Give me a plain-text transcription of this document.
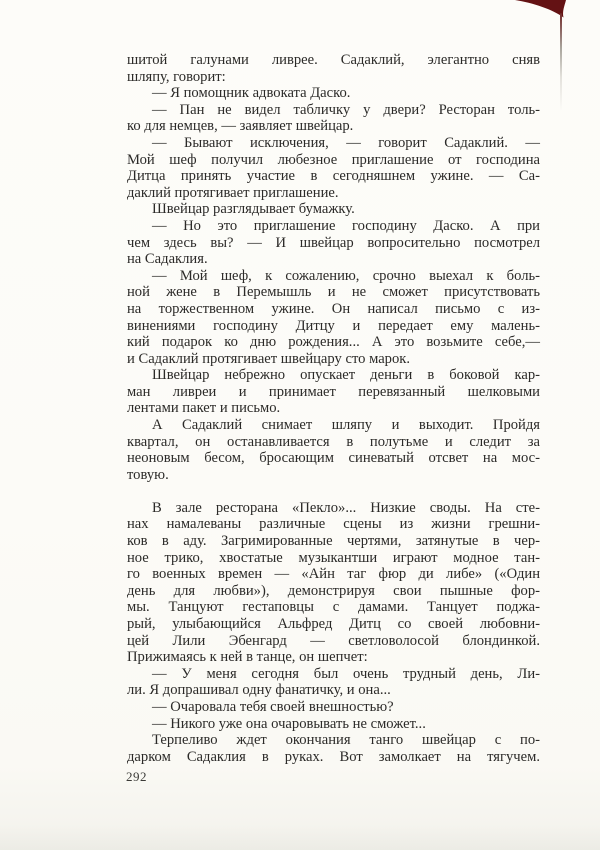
шитой галунами ливрее. Садаклий, элегантно сняв
шляпу, говорит:
— Я помощник адвоката Даско.
— Пан не видел табличку у двери? Ресторан толь-
ко для немцев, — заявляет швейцар.
— Бывают исключения, — говорит Садаклий. —
Мой шеф получил любезное приглашение от господина
Дитца принять участие в сегодняшнем ужине. — Са-
даклий протягивает приглашение.
Швейцар разглядывает бумажку.
— Но это приглашение господину Даско. А при
чем здесь вы? — И швейцар вопросительно посмотрел
на Садаклия.
— Мой шеф, к сожалению, срочно выехал к боль-
ной жене в Перемышль и не сможет присутствовать
на торжественном ужине. Он написал письмо с из-
винениями господину Дитцу и передает ему малень-
кий подарок ко дню рождения... А это возьмите себе,—
и Садаклий протягивает швейцару сто марок.
Швейцар небрежно опускает деньги в боковой кар-
ман ливреи и принимает перевязанный шелковыми
лентами пакет и письмо.
А Садаклий снимает шляпу и выходит. Пройдя
квартал, он останавливается в полутьме и следит за
неоновым бесом, бросающим синеватый отсвет на мос-
товую.
В зале ресторана «Пекло»... Низкие своды. На сте-
нах намалеваны различные сцены из жизни грешни-
ков в аду. Загримированные чертями, затянутые в чер-
ное трико, хвостатые музыкантши играют модное тан-
го военных времен — «Айн таг фюр ди либе» («Один
день для любви»), демонстрируя свои пышные фор-
мы. Танцуют гестаповцы с дамами. Танцует поджа-
рый, улыбающийся Альфред Дитц со своей любовни-
цей Лили Эбенгард — светловолосой блондинкой.
Прижимаясь к ней в танце, он шепчет:
— У меня сегодня был очень трудный день, Ли-
ли. Я допрашивал одну фанатичку, и она...
— Очаровала тебя своей внешностью?
— Никого уже она очаровывать не сможет...
Терпеливо ждет окончания танго швейцар с по-
дарком Садаклия в руках. Вот замолкает на тягучем.
292
